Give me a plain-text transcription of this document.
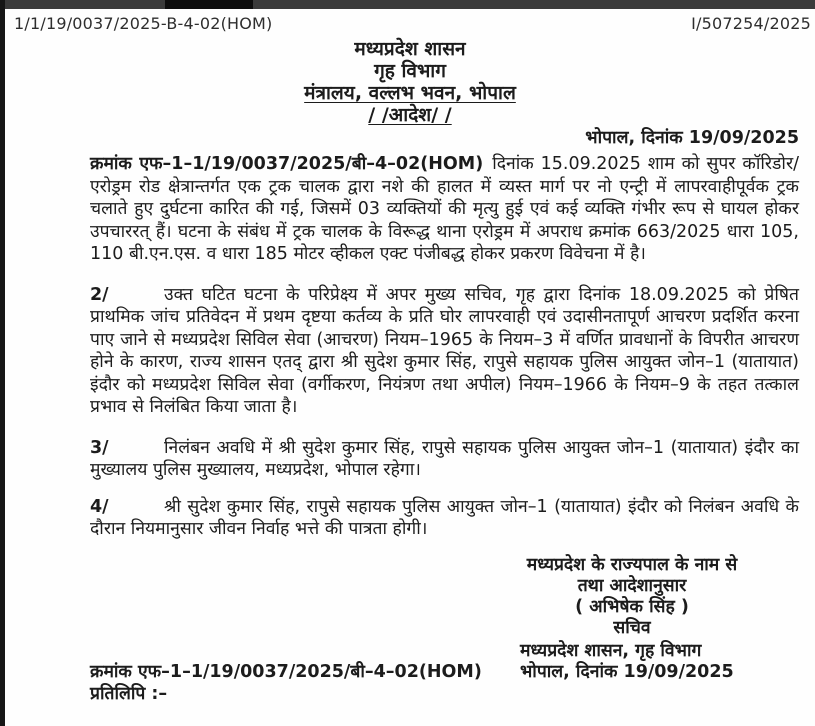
1/1/19/0037/2025-B-4-02(HOM)	I/507254/2025
मध्यप्रदेश शासन
गृह विभाग
मंत्रालय, वल्लभ भवन, भोपाल
/ /आदेश/ /
भोपाल, दिनांक 19/09/2025

क्रमांक एफ–1–1/19/0037/2025/बी–4–02(HOM) दिनांक 15.09.2025 शाम को सुपर कॉरिडोर/एरोड्रम रोड क्षेत्रान्तर्गत एक ट्रक चालक द्वारा नशे की हालत में व्यस्त मार्ग पर नो एन्ट्री में लापरवाहीपूर्वक ट्रक चलाते हुए दुर्घटना कारित की गई, जिसमें 03 व्यक्तियों की मृत्यु हुई एवं कई व्यक्ति गंभीर रूप से घायल होकर उपचाररत् हैं। घटना के संबंध में ट्रक चालक के विरूद्ध थाना एरोड्रम में अपराध क्रमांक 663/2025 धारा 105, 110 बी.एन.एस. व धारा 185 मोटर व्हीकल एक्ट पंजीबद्ध होकर प्रकरण विवेचना में है।

2/	उक्त घटित घटना के परिप्रेक्ष्य में अपर मुख्य सचिव, गृह द्वारा दिनांक 18.09.2025 को प्रेषित प्राथमिक जांच प्रतिवेदन में प्रथम दृष्टया कर्तव्य के प्रति घोर लापरवाही एवं उदासीनतापूर्ण आचरण प्रदर्शित करना पाए जाने से मध्यप्रदेश सिविल सेवा (आचरण) नियम–1965 के नियम–3 में वर्णित प्रावधानों के विपरीत आचरण होने के कारण, राज्य शासन एतद् द्वारा श्री सुदेश कुमार सिंह, रापुसे सहायक पुलिस आयुक्त जोन–1 (यातायात) इंदौर को मध्यप्रदेश सिविल सेवा (वर्गीकरण, नियंत्रण तथा अपील) नियम–1966 के नियम–9 के तहत तत्काल प्रभाव से निलंबित किया जाता है।

3/	निलंबन अवधि में श्री सुदेश कुमार सिंह, रापुसे सहायक पुलिस आयुक्त जोन–1 (यातायात) इंदौर का मुख्यालय पुलिस मुख्यालय, मध्यप्रदेश, भोपाल रहेगा।

4/	श्री सुदेश कुमार सिंह, रापुसे सहायक पुलिस आयुक्त जोन–1 (यातायात) इंदौर को निलंबन अवधि के दौरान नियमानुसार जीवन निर्वाह भत्ते की पात्रता होगी।

मध्यप्रदेश के राज्यपाल के नाम से
तथा आदेशानुसार
( अभिषेक सिंह )
सचिव
मध्यप्रदेश शासन, गृह विभाग
क्रमांक एफ–1–1/19/0037/2025/बी–4–02(HOM)	भोपाल, दिनांक 19/09/2025
प्रतिलिपि :–
